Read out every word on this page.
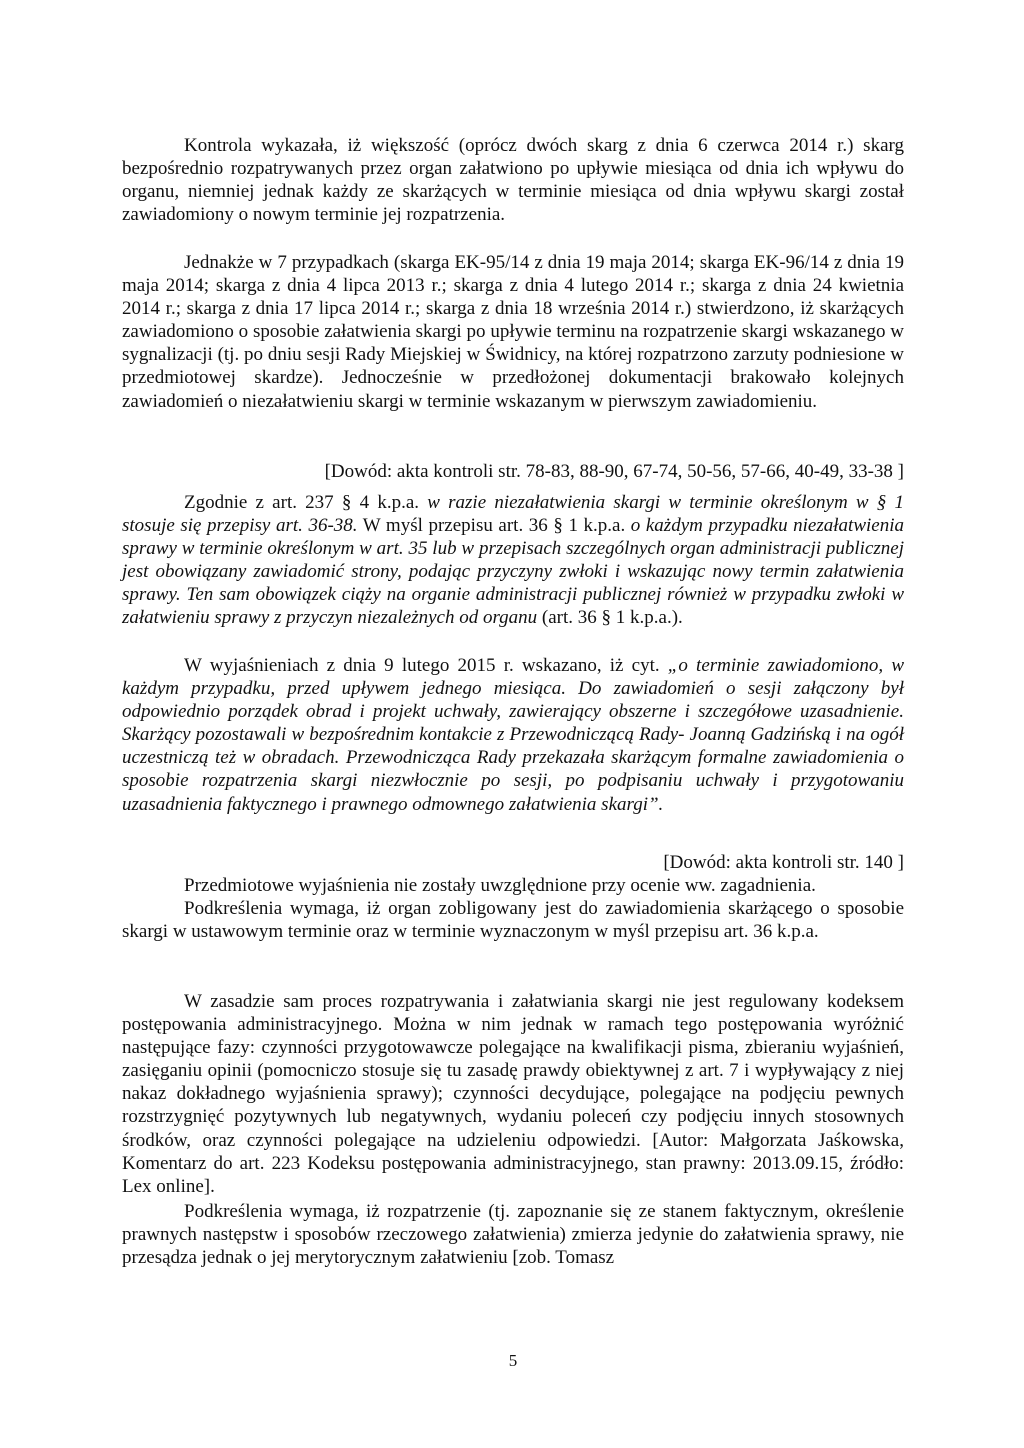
Kontrola wykazała, iż większość (oprócz dwóch skarg z dnia 6 czerwca 2014 r.) skarg bezpośrednio rozpatrywanych przez organ załatwiono po upływie miesiąca od dnia ich wpływu do organu, niemniej jednak każdy ze skarżących w terminie miesiąca od dnia wpływu skargi został zawiadomiony o nowym terminie jej rozpatrzenia.

Jednakże w 7 przypadkach (skarga EK-95/14 z dnia 19 maja 2014; skarga EK-96/14 z dnia 19 maja 2014; skarga z dnia 4 lipca 2013 r.; skarga z dnia 4 lutego 2014 r.; skarga z dnia 24 kwietnia 2014 r.; skarga z dnia 17 lipca 2014 r.; skarga z dnia 18 września 2014 r.) stwierdzono, iż skarżących zawiadomiono o sposobie załatwienia skargi po upływie terminu na rozpatrzenie skargi wskazanego w sygnalizacji (tj. po dniu sesji Rady Miejskiej w Świdnicy, na której rozpatrzono zarzuty podniesione w przedmiotowej skardze). Jednocześnie w przedłożonej dokumentacji brakowało kolejnych zawiadomień o niezałatwieniu skargi w terminie wskazanym w pierwszym zawiadomieniu.

[Dowód: akta kontroli str. 78-83, 88-90, 67-74, 50-56, 57-66, 40-49, 33-38 ]

Zgodnie z art. 237 § 4 k.p.a. w razie niezałatwienia skargi w terminie określonym w § 1 stosuje się przepisy art. 36-38. W myśl przepisu art. 36 § 1 k.p.a. o każdym przypadku niezałatwienia sprawy w terminie określonym w art. 35 lub w przepisach szczególnych organ administracji publicznej jest obowiązany zawiadomić strony, podając przyczyny zwłoki i wskazując nowy termin załatwienia sprawy. Ten sam obowiązek ciąży na organie administracji publicznej również w przypadku zwłoki w załatwieniu sprawy z przyczyn niezależnych od organu (art. 36 § 1 k.p.a.).

W wyjaśnieniach z dnia 9 lutego 2015 r. wskazano, iż cyt. „o terminie zawiadomiono, w każdym przypadku, przed upływem jednego miesiąca. Do zawiadomień o sesji załączony był odpowiednio porządek obrad i projekt uchwały, zawierający obszerne i szczegółowe uzasadnienie. Skarżący pozostawali w bezpośrednim kontakcie z Przewodniczącą Rady- Joanną Gadzińską i na ogół uczestniczą też w obradach. Przewodnicząca Rady przekazała skarżącym formalne zawiadomienia o sposobie rozpatrzenia skargi niezwłocznie po sesji, po podpisaniu uchwały i przygotowaniu uzasadnienia faktycznego i prawnego odmownego załatwienia skargi”.

[Dowód: akta kontroli str. 140 ]

Przedmiotowe wyjaśnienia nie zostały uwzględnione przy ocenie ww. zagadnienia.

Podkreślenia wymaga, iż organ zobligowany jest do zawiadomienia skarżącego o sposobie skargi w ustawowym terminie oraz w terminie wyznaczonym w myśl przepisu art. 36 k.p.a.

W zasadzie sam proces rozpatrywania i załatwiania skargi nie jest regulowany kodeksem postępowania administracyjnego. Można w nim jednak w ramach tego postępowania wyróżnić następujące fazy: czynności przygotowawcze polegające na kwalifikacji pisma, zbieraniu wyjaśnień, zasięganiu opinii (pomocniczo stosuje się tu zasadę prawdy obiektywnej z art. 7 i wypływający z niej nakaz dokładnego wyjaśnienia sprawy); czynności decydujące, polegające na podjęciu pewnych rozstrzygnięć pozytywnych lub negatywnych, wydaniu poleceń czy podjęciu innych stosownych środków, oraz czynności polegające na udzieleniu odpowiedzi. [Autor: Małgorzata Jaśkowska, Komentarz do art. 223 Kodeksu postępowania administracyjnego, stan prawny: 2013.09.15, źródło: Lex online].

Podkreślenia wymaga, iż rozpatrzenie (tj. zapoznanie się ze stanem faktycznym, określenie prawnych następstw i sposobów rzeczowego załatwienia) zmierza jedynie do załatwienia sprawy, nie przesądza jednak o jej merytorycznym załatwieniu [zob. Tomasz

5
